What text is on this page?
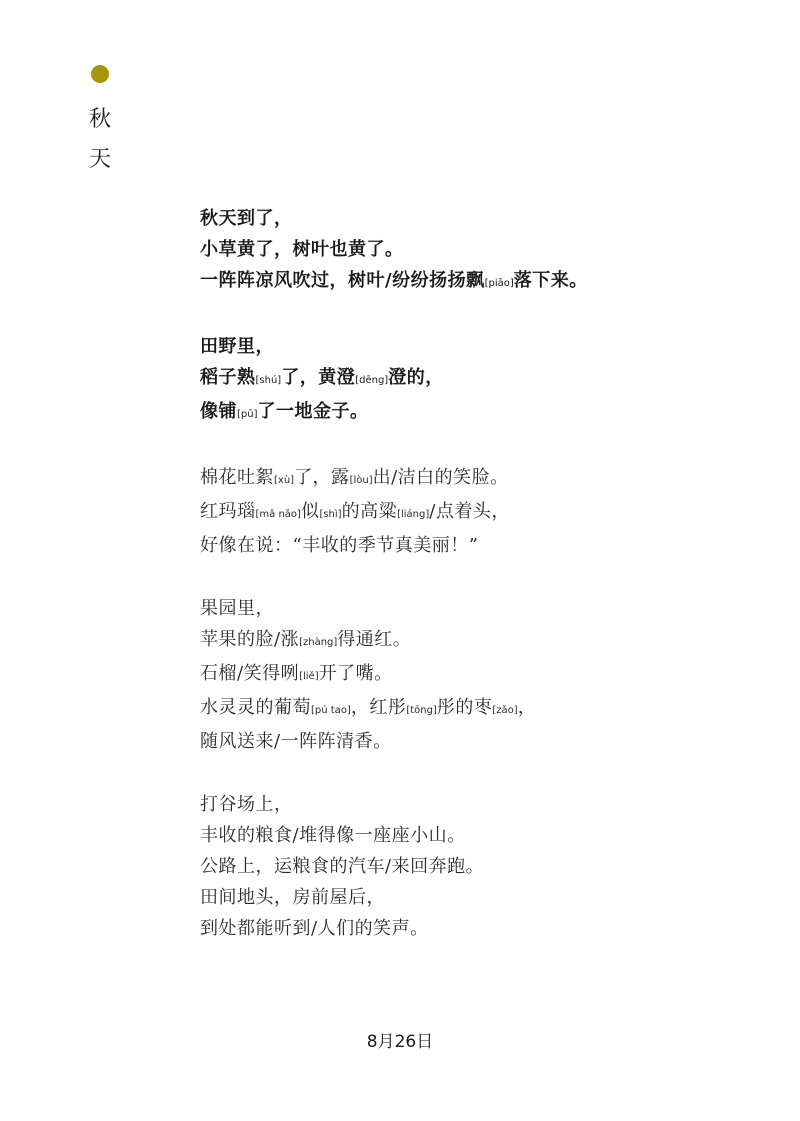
秋
天
秋天到了，
小草黄了，树叶也黄了。
一阵阵凉风吹过，树叶/纷纷扬扬飘[piāo]落下来。
田野里，
稻子熟[shú]了，黄澄[dēng]澄的，
像铺[pū]了一地金子。
棉花吐絮[xù]了，露[lòu]出/洁白的笑脸。
红玛瑙[mǎ nǎo]似[shì]的高粱[liáng]/点着头，
好像在说：“丰收的季节真美丽！”
果园里，
苹果的脸/涨[zhàng]得通红。
石榴/笑得咧[liě]开了嘴。
水灵灵的葡萄[pú tao]，红彤[tōng]彤的枣[zǎo]，
随风送来/一阵阵清香。
打谷场上，
丰收的粮食/堆得像一座座小山。
公路上，运粮食的汽车/来回奔跑。
田间地头，房前屋后，
到处都能听到/人们的笑声。
8月26日
